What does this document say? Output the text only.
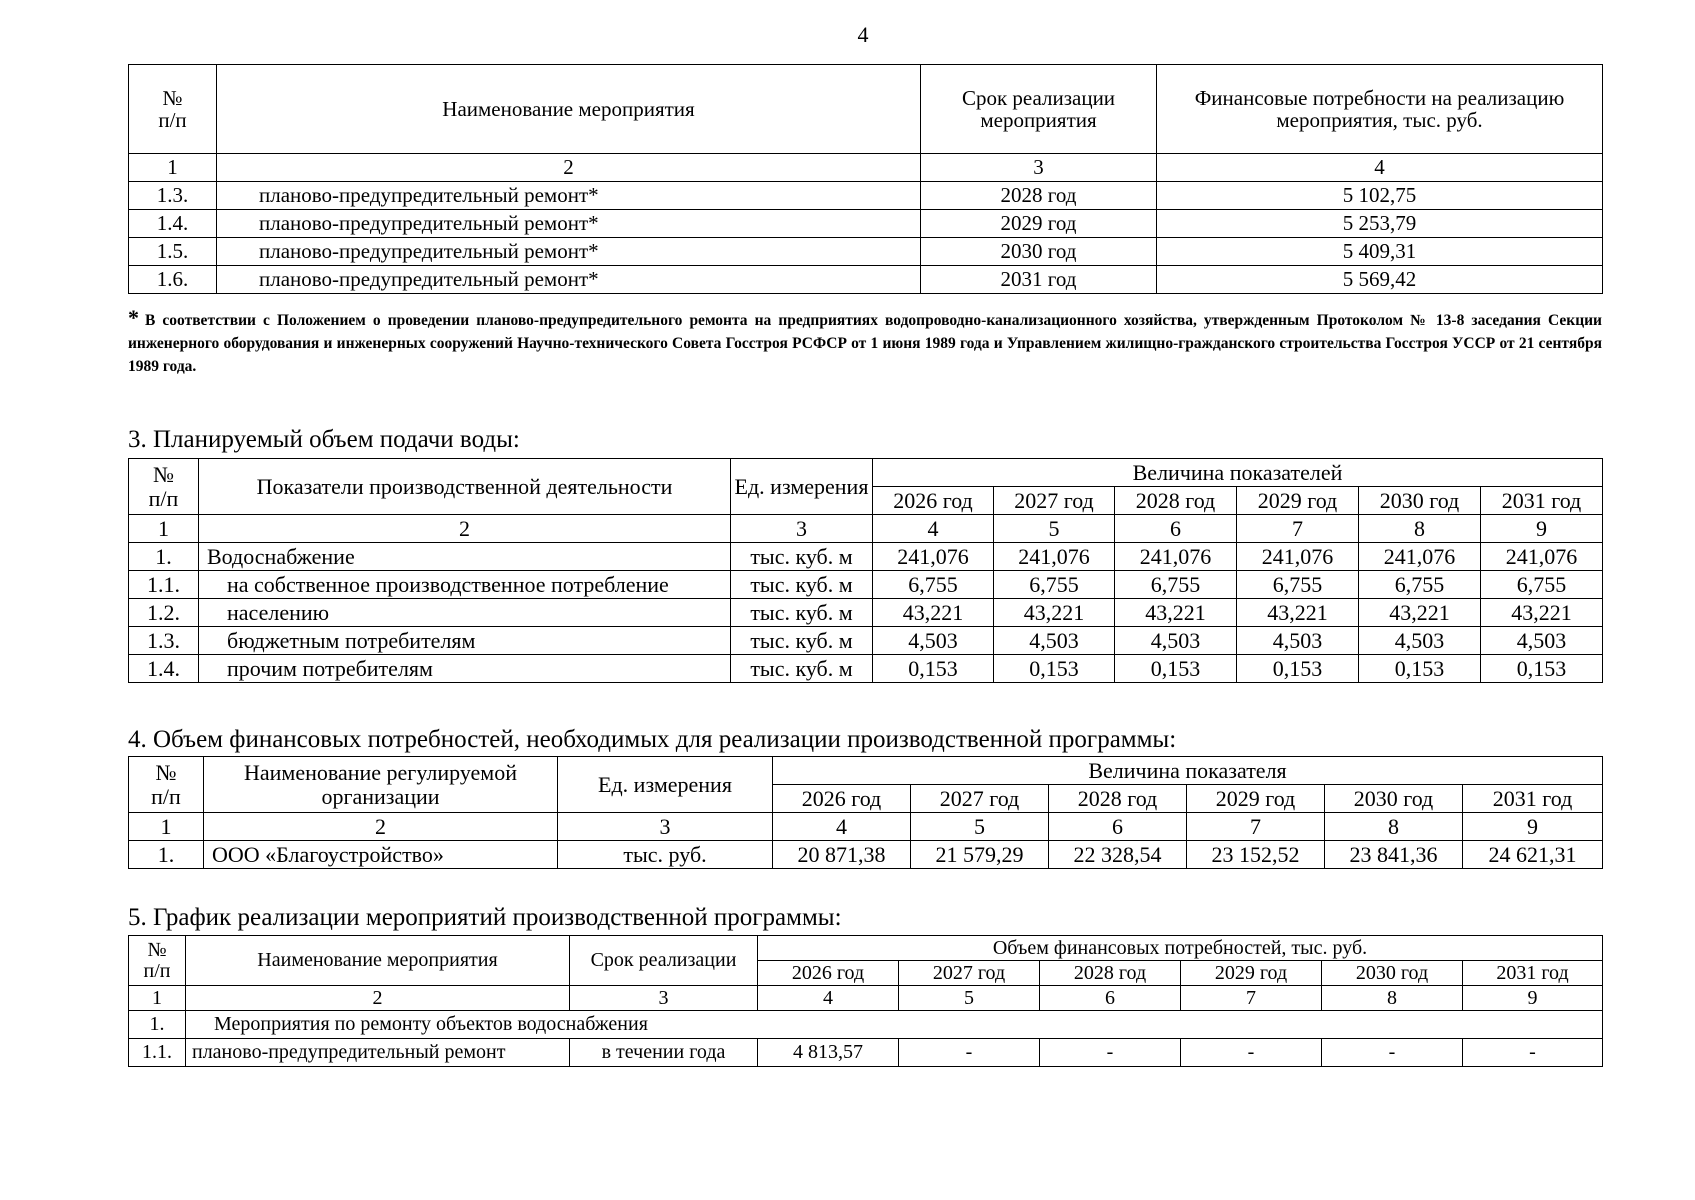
4
№
п/п	Наименование мероприятия	Срок реализации мероприятия	Финансовые потребности на реализацию мероприятия, тыс. руб.
1	2	3	4
1.3.	планово-предупредительный ремонт*	2028 год	5 102,75
1.4.	планово-предупредительный ремонт*	2029 год	5 253,79
1.5.	планово-предупредительный ремонт*	2030 год	5 409,31
1.6.	планово-предупредительный ремонт*	2031 год	5 569,42
* В соответствии с Положением о проведении планово-предупредительного ремонта на предприятиях водопроводно-канализационного хозяйства, утвержденным Протоколом № 13-8 заседания Секции инженерного оборудования и инженерных сооружений Научно-технического Совета Госстроя РСФСР от 1 июня 1989 года и Управлением жилищно-гражданского строительства Госстроя УССР от 21 сентября 1989 года.
3. Планируемый объем подачи воды:
№
п/п	Показатели производственной деятельности	Ед. измерения	Величина показателей					
			2026 год	2027 год	2028 год	2029 год	2030 год	2031 год
1	2	3	4	5	6	7	8	9
1.	Водоснабжение	тыс. куб. м	241,076	241,076	241,076	241,076	241,076	241,076
1.1.	на собственное производственное потребление	тыс. куб. м	6,755	6,755	6,755	6,755	6,755	6,755
1.2.	населению	тыс. куб. м	43,221	43,221	43,221	43,221	43,221	43,221
1.3.	бюджетным потребителям	тыс. куб. м	4,503	4,503	4,503	4,503	4,503	4,503
1.4.	прочим потребителям	тыс. куб. м	0,153	0,153	0,153	0,153	0,153	0,153
4. Объем финансовых потребностей, необходимых для реализации производственной программы:
№
п/п	Наименование регулируемой организации	Ед. измерения	Величина показателя					
			2026 год	2027 год	2028 год	2029 год	2030 год	2031 год
1	2	3	4	5	6	7	8	9
1.	ООО «Благоустройство»	тыс. руб.	20 871,38	21 579,29	22 328,54	23 152,52	23 841,36	24 621,31
5. График реализации мероприятий производственной программы:
№
п/п	Наименование мероприятия	Срок реализации	Объем финансовых потребностей, тыс. руб.					
			2026 год	2027 год	2028 год	2029 год	2030 год	2031 год
1	2	3	4	5	6	7	8	9
1.	Мероприятия по ремонту объектов водоснабжения							
1.1.	планово-предупредительный ремонт	в течении года	4 813,57	-	-	-	-	-
